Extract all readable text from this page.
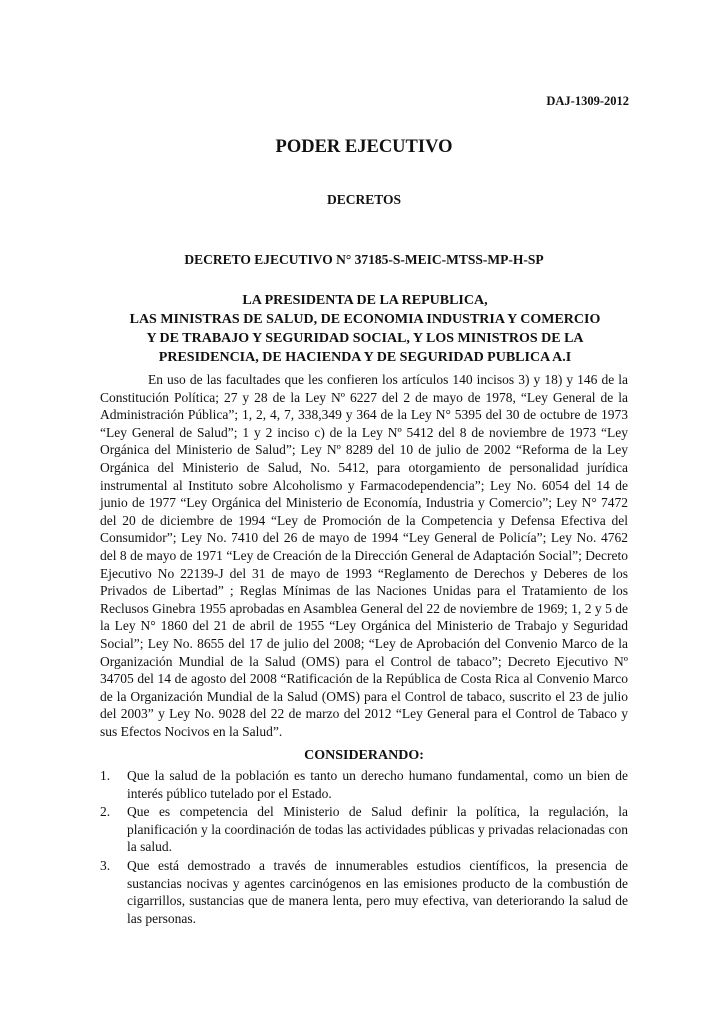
DAJ-1309-2012
PODER EJECUTIVO
DECRETOS
DECRETO EJECUTIVO N° 37185-S-MEIC-MTSS-MP-H-SP
LA PRESIDENTA DE LA REPUBLICA,
LAS MINISTRAS DE SALUD, DE ECONOMIA INDUSTRIA Y COMERCIO
Y DE TRABAJO Y SEGURIDAD SOCIAL, Y LOS MINISTROS DE LA
PRESIDENCIA, DE HACIENDA Y DE SEGURIDAD PUBLICA A.I

En uso de las facultades que les confieren los artículos 140 incisos 3) y 18) y 146 de la Constitución Política; 27 y 28 de la Ley Nº 6227 del 2 de mayo de 1978, “Ley General de la Administración Pública”; 1, 2, 4, 7, 338,349 y 364 de la Ley N° 5395 del 30 de octubre de 1973 “Ley General de Salud”; 1 y 2 inciso c) de la Ley Nº 5412 del 8 de noviembre de 1973 “Ley Orgánica del Ministerio de Salud”; Ley Nº 8289 del 10 de julio de 2002 “Reforma de la Ley Orgánica del Ministerio de Salud, No. 5412, para otorgamiento de personalidad jurídica instrumental al Instituto sobre Alcoholismo y Farmacodependencia”; Ley No. 6054 del 14 de junio de 1977 “Ley Orgánica del Ministerio de Economía, Industria y Comercio”; Ley N° 7472 del 20 de diciembre de 1994 “Ley de Promoción de la Competencia y Defensa Efectiva del Consumidor”; Ley No. 7410 del 26 de mayo de 1994 “Ley General de Policía”; Ley No. 4762 del 8 de mayo de 1971 “Ley de Creación de la Dirección General de Adaptación Social”; Decreto Ejecutivo No 22139-J del 31 de mayo de 1993 “Reglamento de Derechos y Deberes de los Privados de Libertad” ; Reglas Mínimas de las Naciones Unidas para el Tratamiento de los Reclusos Ginebra 1955 aprobadas en Asamblea General del 22 de noviembre de 1969; 1, 2 y 5 de la Ley N° 1860 del 21 de abril de 1955 “Ley Orgánica del Ministerio de Trabajo y Seguridad Social”; Ley No. 8655 del 17 de julio del 2008; “Ley de Aprobación del Convenio Marco de la Organización Mundial de la Salud (OMS) para el Control de tabaco”; Decreto Ejecutivo Nº 34705 del 14 de agosto del 2008 “Ratificación de la República de Costa Rica al Convenio Marco de la Organización Mundial de la Salud (OMS) para el Control de tabaco, suscrito el 23 de julio del 2003” y Ley No. 9028 del 22 de marzo del 2012 “Ley General para el Control de Tabaco y sus Efectos Nocivos en la Salud”.

CONSIDERANDO:
1. Que la salud de la población es tanto un derecho humano fundamental, como un bien de interés público tutelado por el Estado.
2. Que es competencia del Ministerio de Salud definir la política, la regulación, la planificación y la coordinación de todas las actividades públicas y privadas relacionadas con la salud.
3. Que está demostrado a través de innumerables estudios científicos, la presencia de sustancias nocivas y agentes carcinógenos en las emisiones producto de la combustión de cigarrillos, sustancias que de manera lenta, pero muy efectiva, van deteriorando la salud de las personas.
